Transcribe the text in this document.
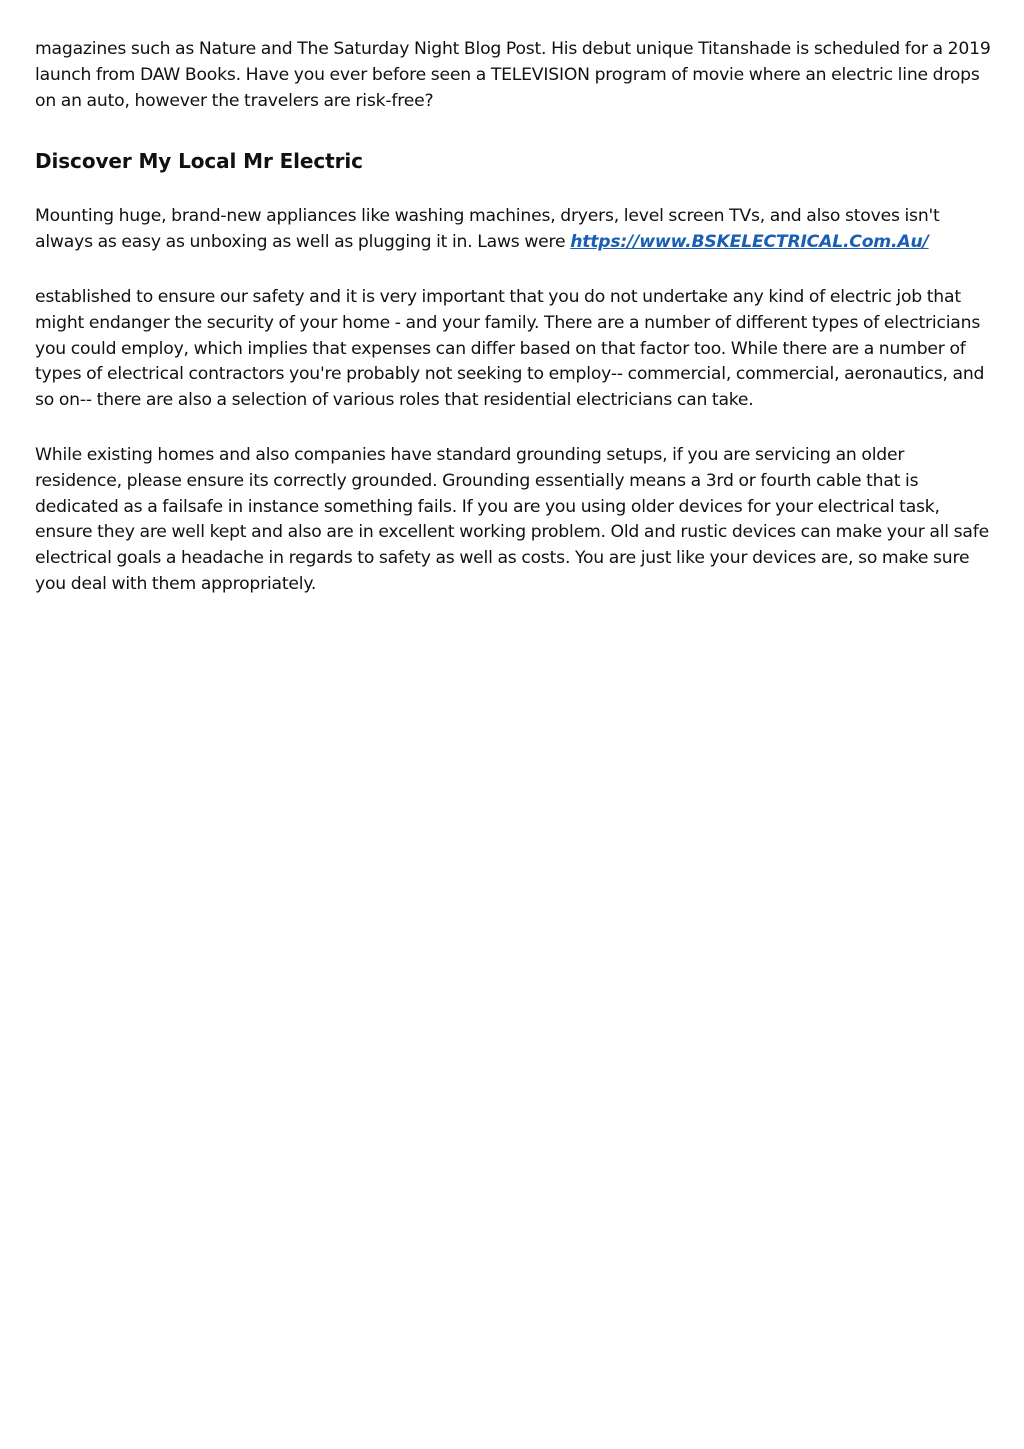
magazines such as Nature and The Saturday Night Blog Post. His debut unique Titanshade is scheduled for a 2019 launch from DAW Books. Have you ever before seen a TELEVISION program of movie where an electric line drops on an auto, however the travelers are risk-free?

Discover My Local Mr Electric

Mounting huge, brand-new appliances like washing machines, dryers, level screen TVs, and also stoves isn't always as easy as unboxing as well as plugging it in. Laws were https://www.BSKELECTRICAL.Com.Au/

established to ensure our safety and it is very important that you do not undertake any kind of electric job that might endanger the security of your home - and your family. There are a number of different types of electricians you could employ, which implies that expenses can differ based on that factor too. While there are a number of types of electrical contractors you're probably not seeking to employ-- commercial, commercial, aeronautics, and so on-- there are also a selection of various roles that residential electricians can take.

While existing homes and also companies have standard grounding setups, if you are servicing an older residence, please ensure its correctly grounded. Grounding essentially means a 3rd or fourth cable that is dedicated as a failsafe in instance something fails. If you are you using older devices for your electrical task, ensure they are well kept and also are in excellent working problem. Old and rustic devices can make your all safe electrical goals a headache in regards to safety as well as costs. You are just like your devices are, so make sure you deal with them appropriately.
